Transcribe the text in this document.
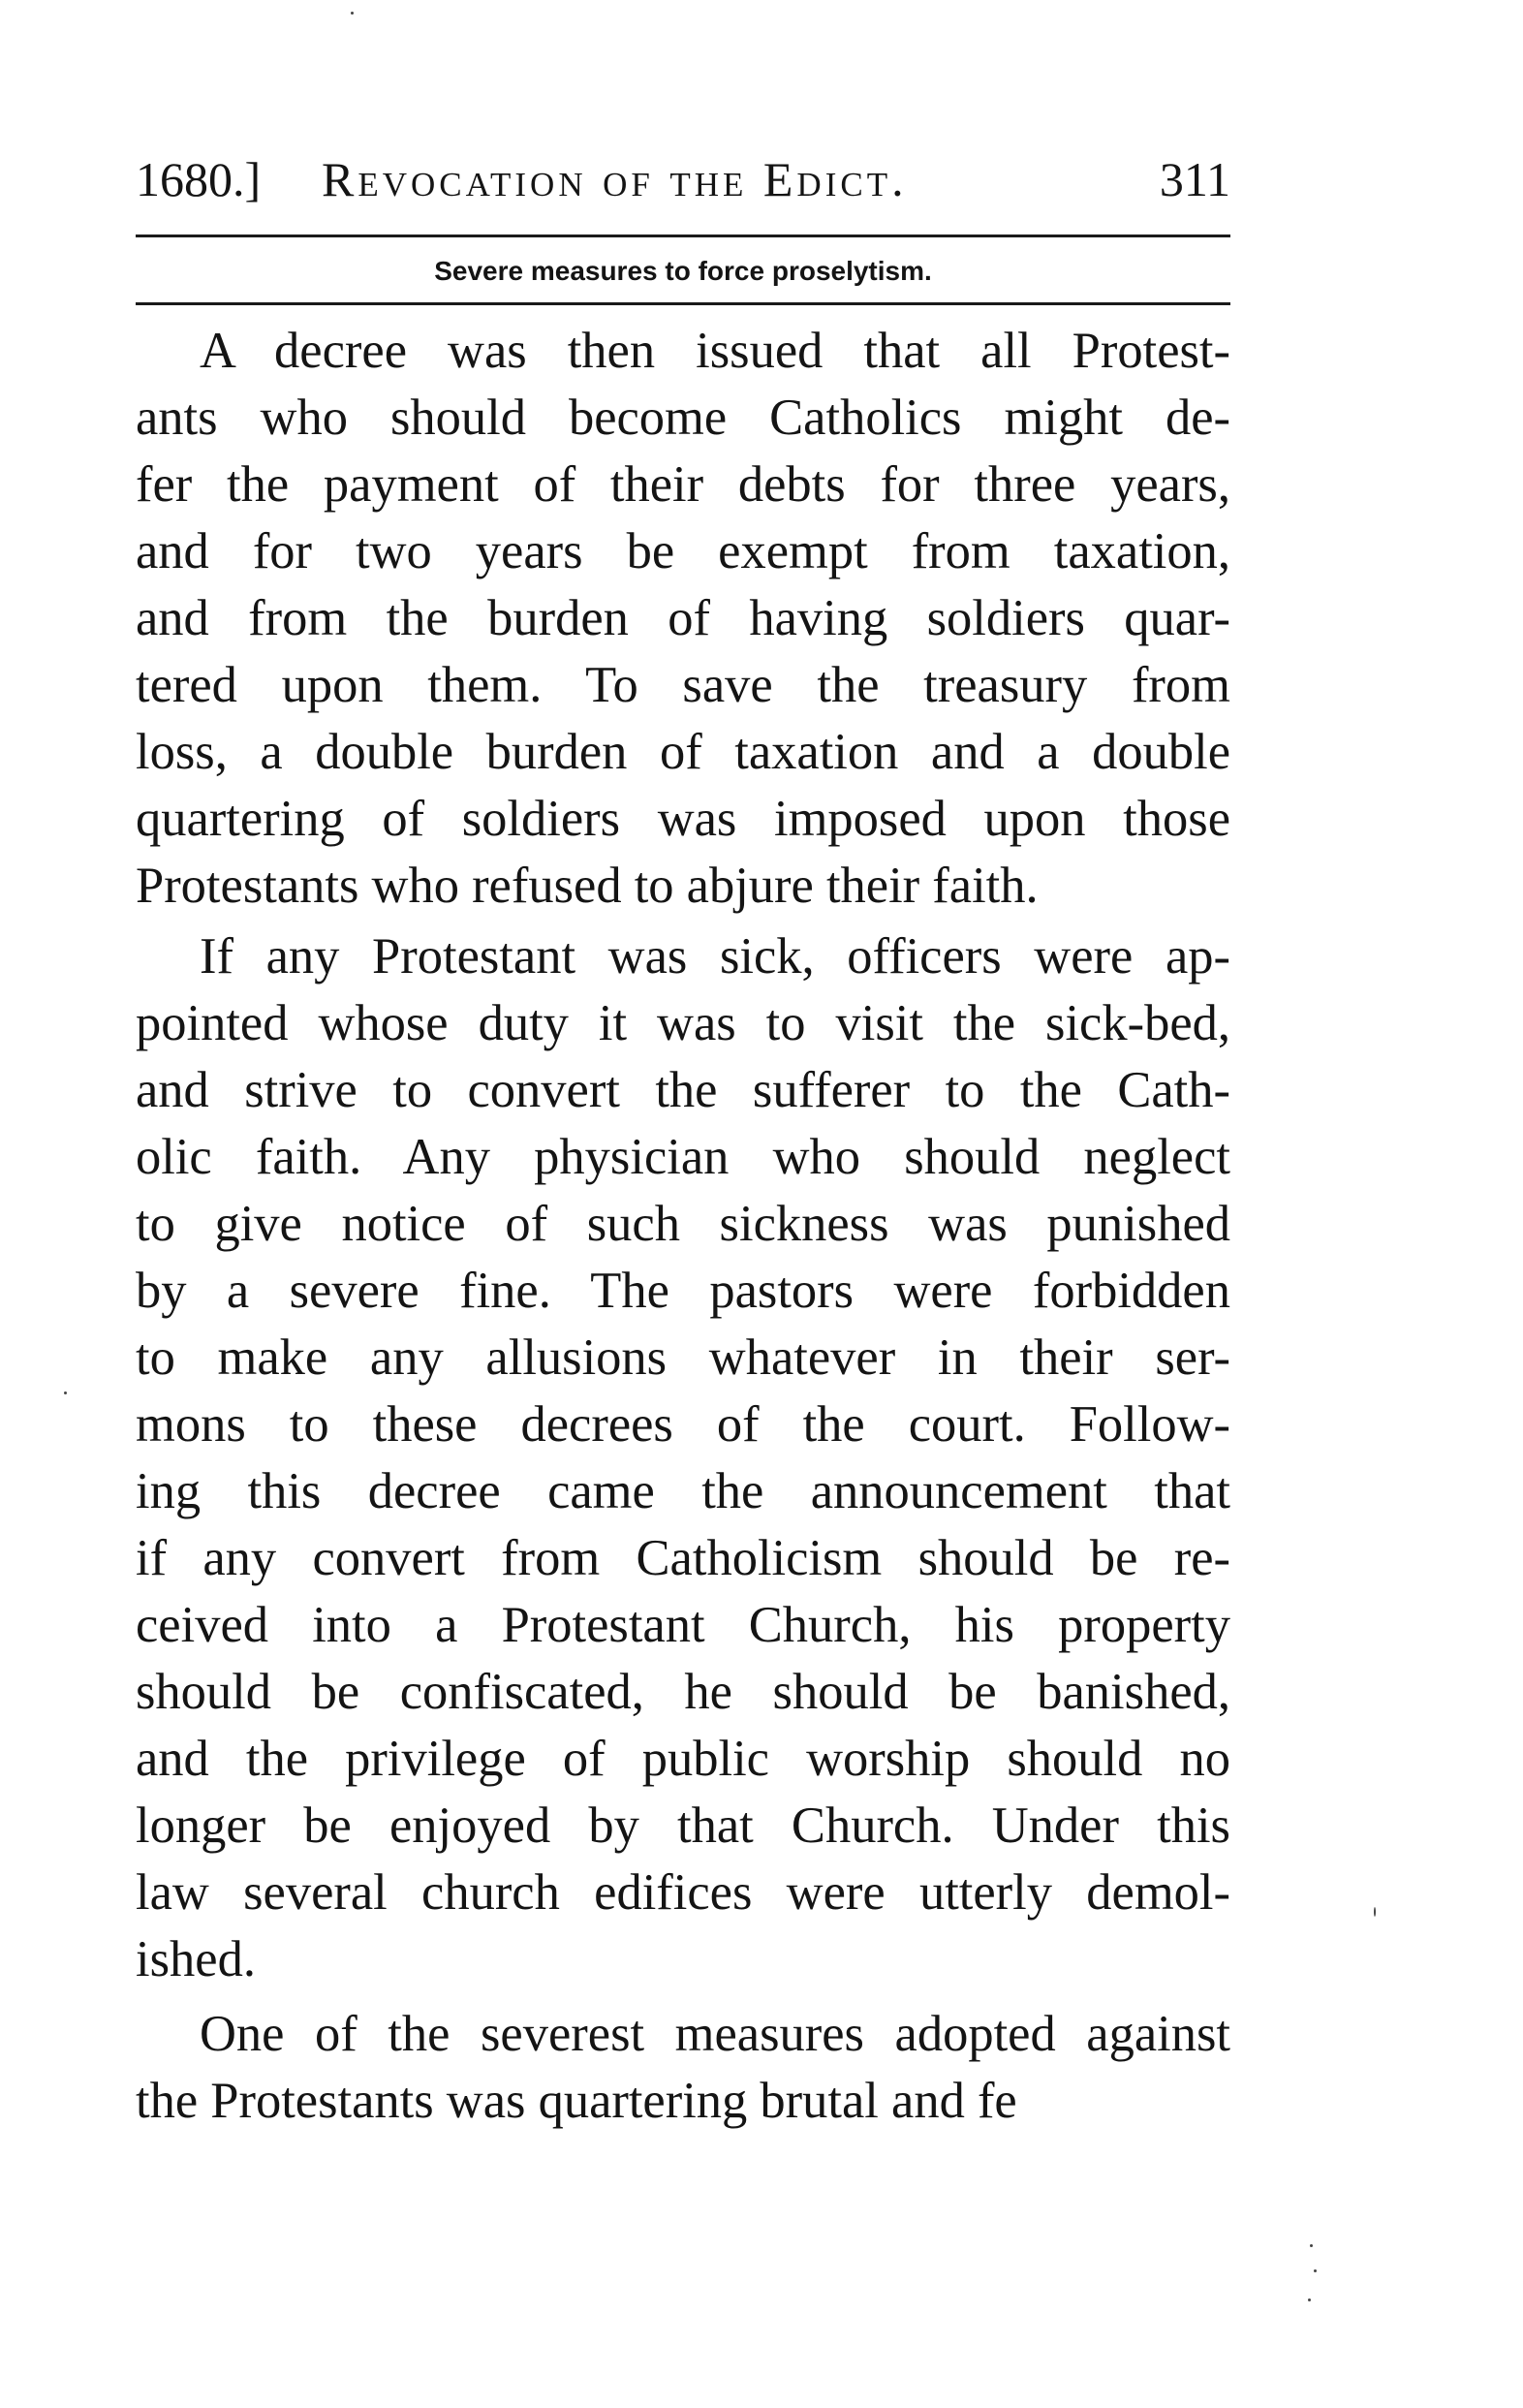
1680.] Revocation of the Edict.	311
Severe measures to force proselytism.
A decree was then issued that all Protest-
ants who should become Catholics might de-
fer the payment of their debts for three years,
and for two years be exempt from taxation,
and from the burden of having soldiers quar-
tered upon them. To save the treasury from
loss, a double burden of taxation and a double
quartering of soldiers was imposed upon those
Protestants who refused to abjure their faith.
If any Protestant was sick, officers were ap-
pointed whose duty it was to visit the sick-bed,
and strive to convert the sufferer to the Cath-
olic faith. Any physician who should neglect
to give notice of such sickness was punished
by a severe fine. The pastors were forbidden
to make any allusions whatever in their ser-
mons to these decrees of the court. Follow-
ing this decree came the announcement that
if any convert from Catholicism should be re-
ceived into a Protestant Church, his property
should be confiscated, he should be banished,
and the privilege of public worship should no
longer be enjoyed by that Church. Under this
law several church edifices were utterly demol-
ished.
One of the severest measures adopted against
the Protestants was quartering brutal and fe
